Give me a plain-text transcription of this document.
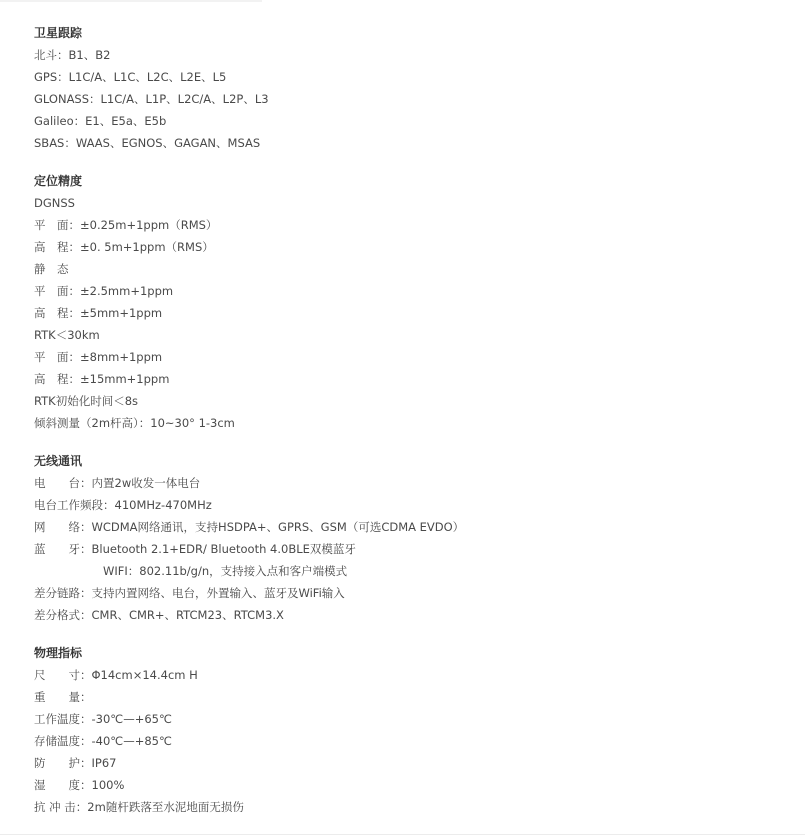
卫星跟踪
北斗：B1、B2
GPS：L1C/A、L1C、L2C、L2E、L5
GLONASS：L1C/A、L1P、L2C/A、L2P、L3
Galileo：E1、E5a、E5b
SBAS：WAAS、EGNOS、GAGAN、MSAS
定位精度
DGNSS
平　面：±0.25m+1ppm（RMS）
高　程：±0. 5m+1ppm（RMS）
静　态
平　面：±2.5mm+1ppm
高　程：±5mm+1ppm
RTK＜30km
平　面：±8mm+1ppm
高　程：±15mm+1ppm
RTK初始化时间＜8s
倾斜测量（2m杆高）：10~30° 1-3cm
无线通讯
电　　台：内置2w收发一体电台
电台工作频段：410MHz-470MHz
网　　络：WCDMA网络通讯，支持HSDPA+、GPRS、GSM（可选CDMA EVDO）
蓝　　牙：Bluetooth 2.1+EDR/ Bluetooth 4.0BLE双模蓝牙
　　　　　　WIFI：802.11b/g/n，支持接入点和客户端模式
差分链路：支持内置网络、电台，外置输入、蓝牙及WiFi输入
差分格式：CMR、CMR+、RTCM23、RTCM3.X
物理指标
尺　　寸：Φ14cm×14.4cm H
重　　量：
工作温度：-30℃—+65℃
存储温度：-40℃—+85℃
防　　护：IP67
湿　　度：100%
抗 冲 击：2m随杆跌落至水泥地面无损伤
